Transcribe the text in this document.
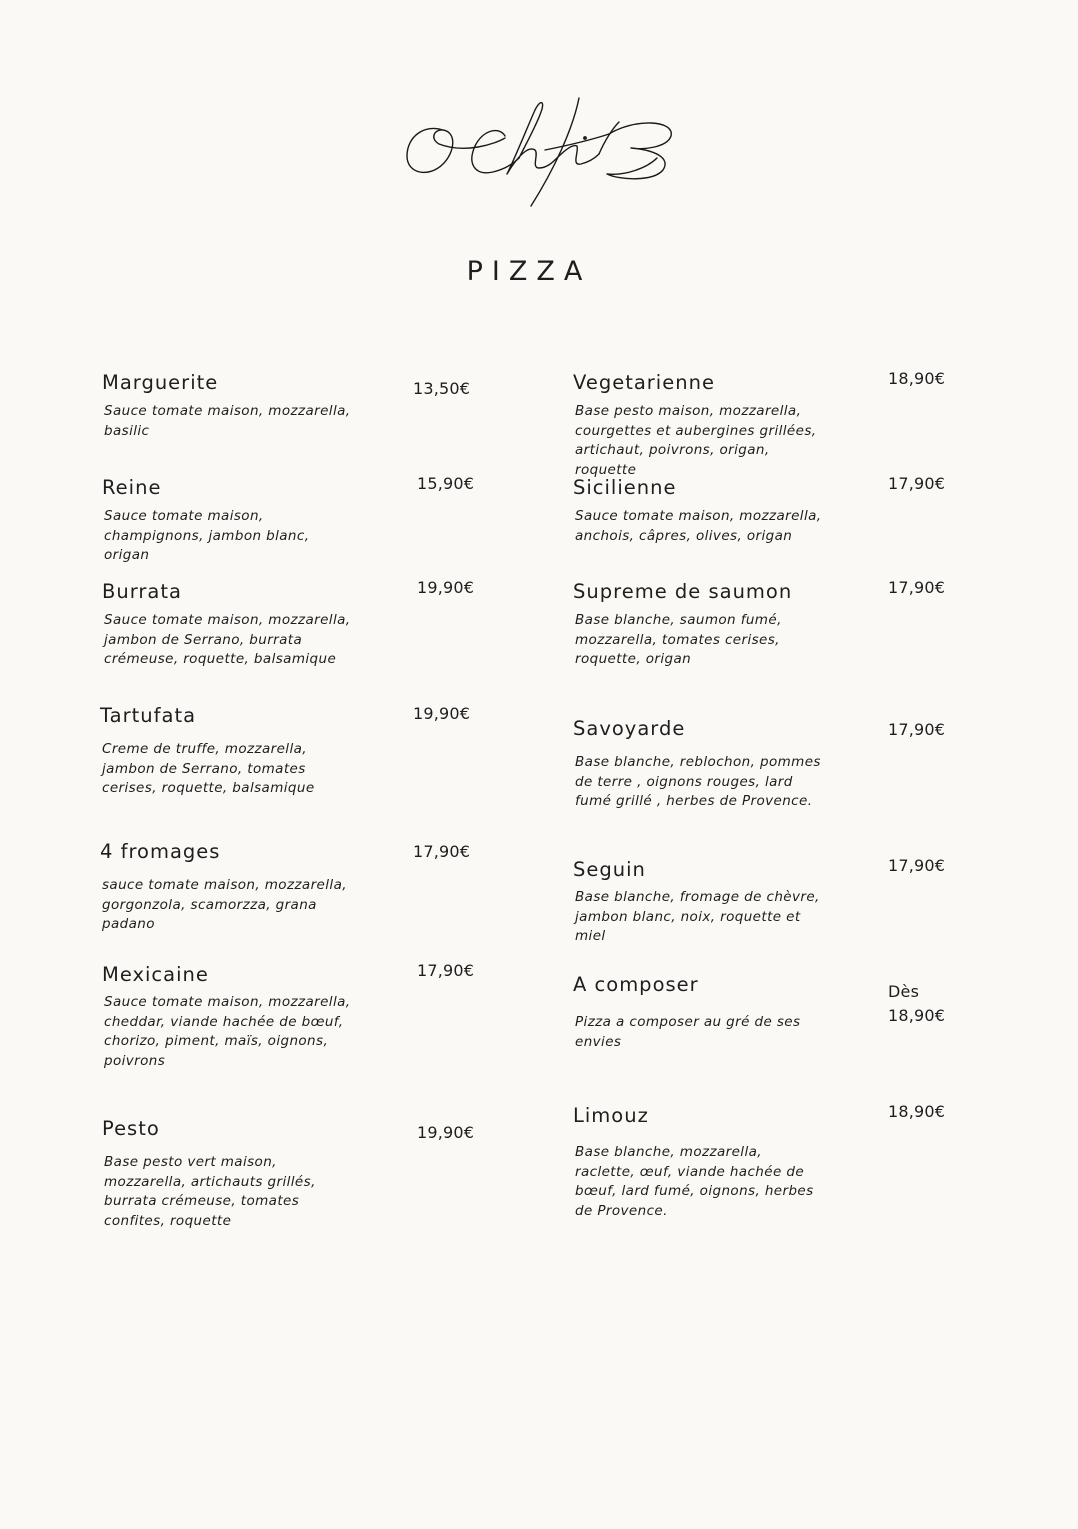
PIZZA
Marguerite
Sauce tomate maison, mozzarella,
basilic
13,50€
Reine
Sauce tomate maison,
champignons, jambon blanc,
origan
15,90€
Burrata
Sauce tomate maison, mozzarella,
jambon de Serrano, burrata
crémeuse, roquette, balsamique
19,90€
Tartufata
Creme de truffe, mozzarella,
jambon de Serrano, tomates
cerises, roquette, balsamique
19,90€
4 fromages
sauce tomate maison, mozzarella,
gorgonzola, scamorzza, grana
padano
17,90€
Mexicaine
Sauce tomate maison, mozzarella,
cheddar, viande hachée de bœuf,
chorizo, piment, maïs, oignons,
poivrons
17,90€
Pesto
Base pesto vert maison,
mozzarella, artichauts grillés,
burrata crémeuse, tomates
confites, roquette
19,90€
Vegetarienne
Base pesto maison, mozzarella,
courgettes et aubergines grillées,
artichaut, poivrons, origan, roquette
18,90€
Sicilienne
Sauce tomate maison, mozzarella,
anchois, câpres, olives, origan
17,90€
Supreme de saumon
Base blanche, saumon fumé,
mozzarella, tomates cerises,
roquette, origan
17,90€
Savoyarde
Base blanche, reblochon, pommes
de terre , oignons rouges, lard
fumé grillé , herbes de Provence.
17,90€
Seguin
Base blanche, fromage de chèvre,
jambon blanc, noix, roquette et
miel
17,90€
A composer
Pizza a composer au gré de ses
envies
Dès
18,90€
Limouz
Base blanche, mozzarella,
raclette, œuf, viande hachée de
bœuf, lard fumé, oignons, herbes
de Provence.
18,90€
